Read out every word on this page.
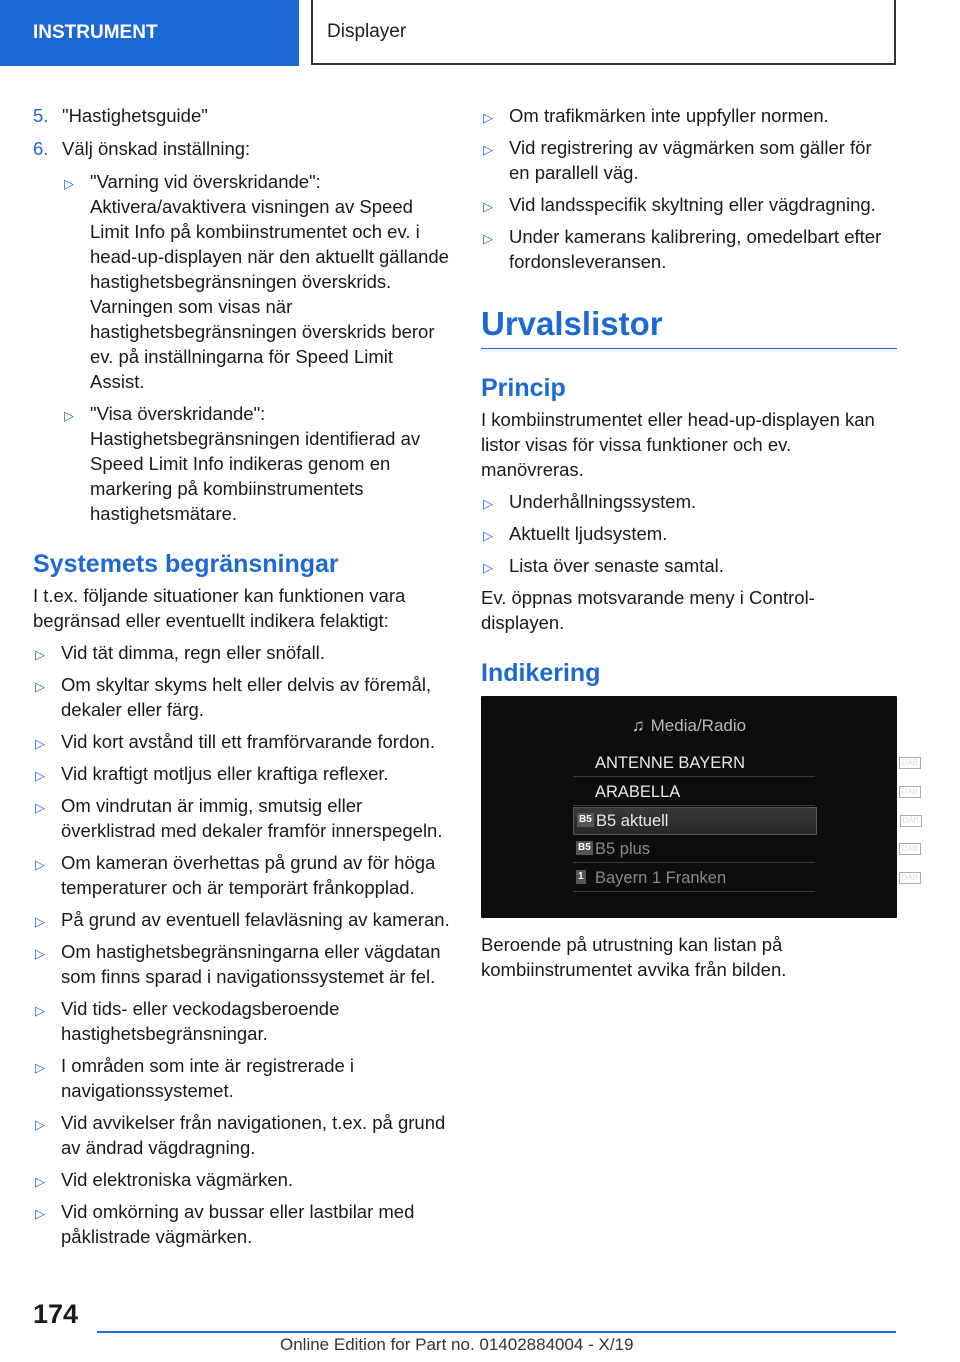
INSTRUMENT	Displayer
5. "Hastighetsguide"
6. Välj önskad inställning:
▷ "Varning vid överskridande": Aktivera/avaktivera visningen av Speed Limit Info på kombiinstrumentet och ev. i head-up-displayen när den aktuellt gällande hastighetsbegränsningen överskrids. Varningen som visas när hastighetsbegränsningen överskrids beror ev. på inställningarna för Speed Limit Assist.
▷ "Visa överskridande": Hastighetsbegränsningen identifierad av Speed Limit Info indikeras genom en markering på kombiinstrumentets hastighetsmätare.
Systemets begränsningar
I t.ex. följande situationer kan funktionen vara begränsad eller eventuellt indikera felaktigt:
▷ Vid tät dimma, regn eller snöfall.
▷ Om skyltar skyms helt eller delvis av föremål, dekaler eller färg.
▷ Vid kort avstånd till ett framförvarande fordon.
▷ Vid kraftigt motljus eller kraftiga reflexer.
▷ Om vindrutan är immig, smutsig eller överklistrad med dekaler framför innerspegeln.
▷ Om kameran överhettas på grund av för höga temperaturer och är temporärt frånkopplad.
▷ På grund av eventuell felavläsning av kameran.
▷ Om hastighetsbegränsningarna eller vägdatan som finns sparad i navigationssystemet är fel.
▷ Vid tids- eller veckodagsberoende hastighetsbegränsningar.
▷ I områden som inte är registrerade i navigationssystemet.
▷ Vid avvikelser från navigationen, t.ex. på grund av ändrad vägdragning.
▷ Vid elektroniska vägmärken.
▷ Vid omkörning av bussar eller lastbilar med påklistrade vägmärken.
▷ Om trafikmärken inte uppfyller normen.
▷ Vid registrering av vägmärken som gäller för en parallell väg.
▷ Vid landsspecifik skyltning eller vägdragning.
▷ Under kamerans kalibrering, omedelbart efter fordonsleveransen.
Urvalslistor
Princip
I kombiinstrumentet eller head-up-displayen kan listor visas för vissa funktioner och ev. manövreras.
▷ Underhållningssystem.
▷ Aktuellt ljudsystem.
▷ Lista över senaste samtal.
Ev. öppnas motsvarande meny i Control-displayen.
Indikering
♫ Media/Radio
ANTENNE BAYERN	DAB
ARABELLA	DAB
B5 B5 aktuell	DAB
B5 B5 plus	DAB
1 Bayern 1 Franken	DAB
Beroende på utrustning kan listan på kombiinstrumentet avvika från bilden.
174
Online Edition for Part no. 01402884004 - X/19
